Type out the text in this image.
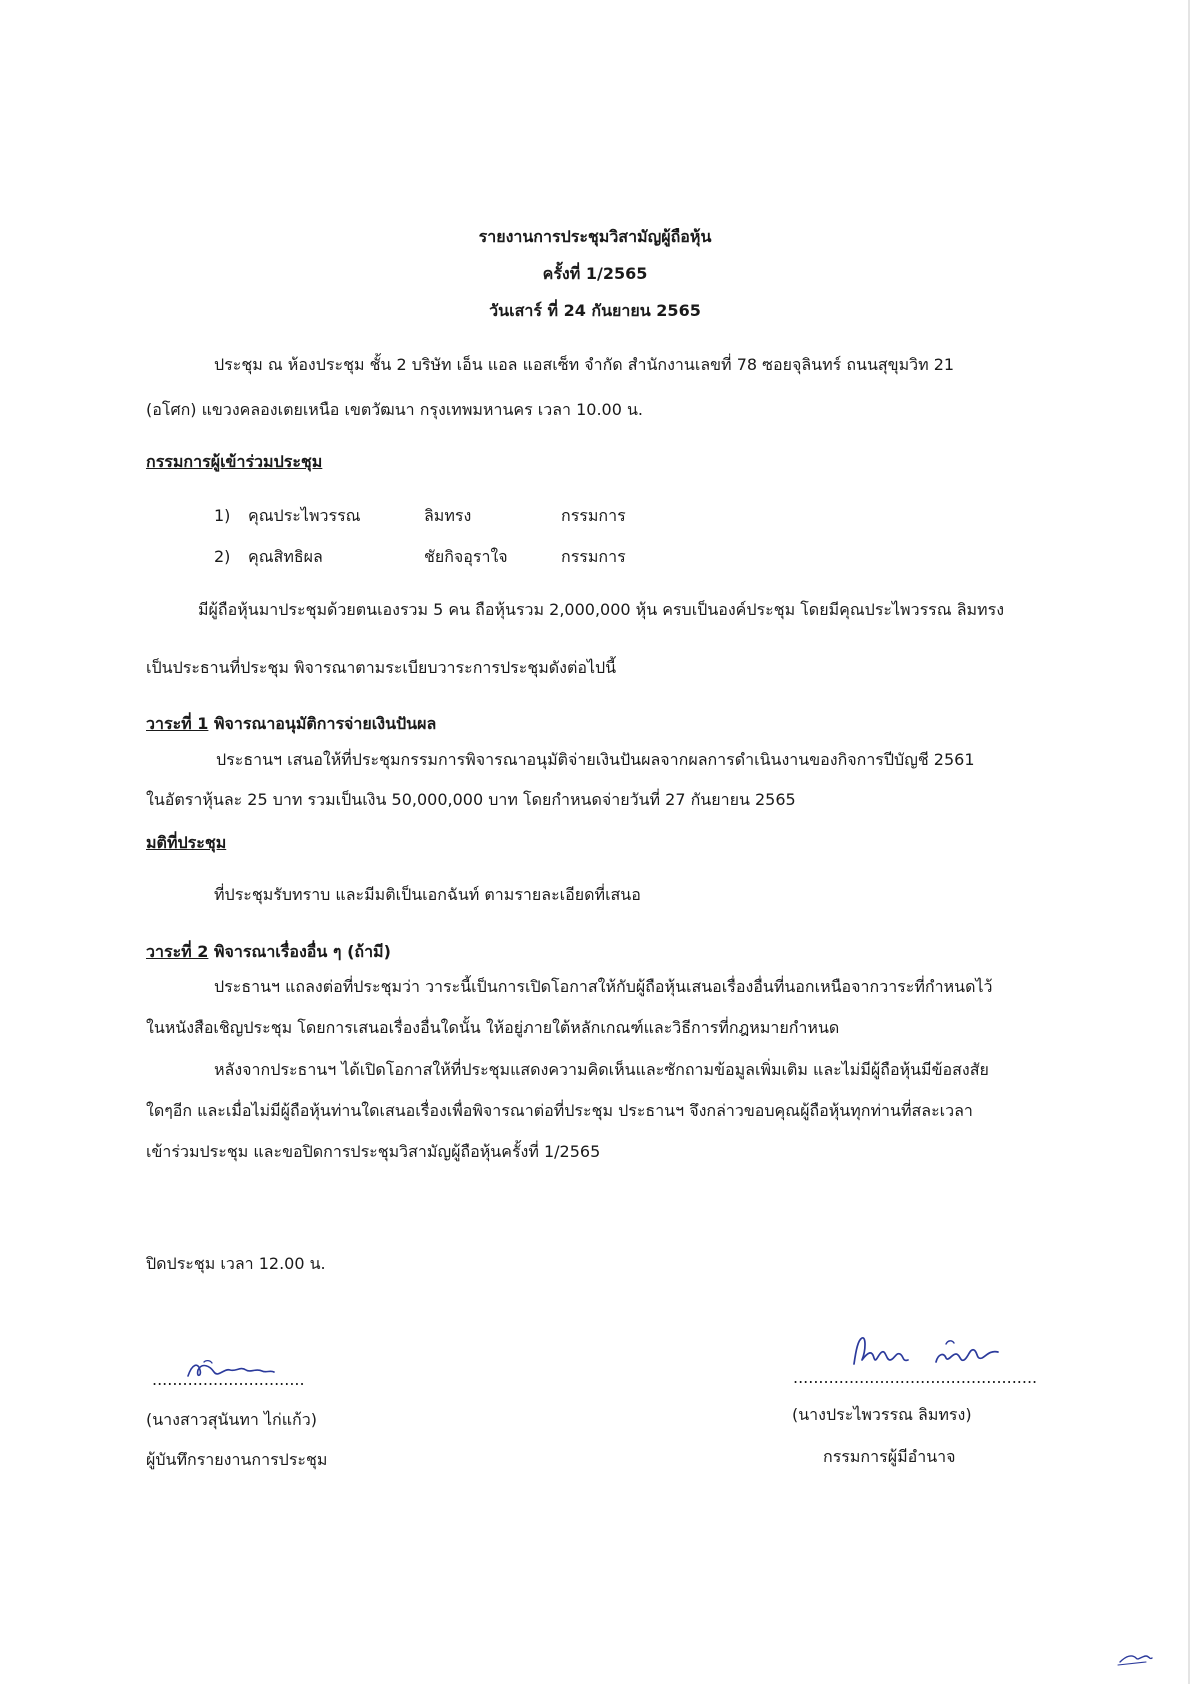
รายงานการประชุมวิสามัญผู้ถือหุ้น
ครั้งที่ 1/2565
วันเสาร์ ที่ 24 กันยายน 2565
ประชุม ณ ห้องประชุม ชั้น 2 บริษัท เอ็น แอล แอสเซ็ท จำกัด สำนักงานเลขที่ 78 ซอยจุลินทร์ ถนนสุขุมวิท 21
(อโศก) แขวงคลองเตยเหนือ เขตวัฒนา กรุงเทพมหานคร เวลา 10.00 น.
กรรมการผู้เข้าร่วมประชุม
1) คุณประไพวรรณ	ลิมทรง	กรรมการ
2) คุณสิทธิผล	ชัยกิจอุราใจ	กรรมการ
มีผู้ถือหุ้นมาประชุมด้วยตนเองรวม 5 คน ถือหุ้นรวม 2,000,000 หุ้น ครบเป็นองค์ประชุม โดยมีคุณประไพวรรณ ลิมทรง
เป็นประธานที่ประชุม พิจารณาตามระเบียบวาระการประชุมดังต่อไปนี้
วาระที่ 1 พิจารณาอนุมัติการจ่ายเงินปันผล
ประธานฯ เสนอให้ที่ประชุมกรรมการพิจารณาอนุมัติจ่ายเงินปันผลจากผลการดำเนินงานของกิจการปีบัญชี 2561
ในอัตราหุ้นละ 25 บาท รวมเป็นเงิน 50,000,000 บาท โดยกำหนดจ่ายวันที่ 27 กันยายน 2565
มติที่ประชุม
ที่ประชุมรับทราบ และมีมติเป็นเอกฉันท์ ตามรายละเอียดที่เสนอ
วาระที่ 2 พิจารณาเรื่องอื่น ๆ (ถ้ามี)
ประธานฯ แถลงต่อที่ประชุมว่า วาระนี้เป็นการเปิดโอกาสให้กับผู้ถือหุ้นเสนอเรื่องอื่นที่นอกเหนือจากวาระที่กำหนดไว้
ในหนังสือเชิญประชุม โดยการเสนอเรื่องอื่นใดนั้น ให้อยู่ภายใต้หลักเกณฑ์และวิธีการที่กฎหมายกำหนด
หลังจากประธานฯ ได้เปิดโอกาสให้ที่ประชุมแสดงความคิดเห็นและซักถามข้อมูลเพิ่มเติม และไม่มีผู้ถือหุ้นมีข้อสงสัย
ใดๆอีก และเมื่อไม่มีผู้ถือหุ้นท่านใดเสนอเรื่องเพื่อพิจารณาต่อที่ประชุม ประธานฯ จึงกล่าวขอบคุณผู้ถือหุ้นทุกท่านที่สละเวลา
เข้าร่วมประชุม และขอปิดการประชุมวิสามัญผู้ถือหุ้นครั้งที่ 1/2565
ปิดประชุม เวลา 12.00 น.
..............................
(นางสาวสุนันทา ไก่แก้ว)
ผู้บันทึกรายงานการประชุม
................................................
(นางประไพวรรณ ลิมทรง)
กรรมการผู้มีอำนาจ
